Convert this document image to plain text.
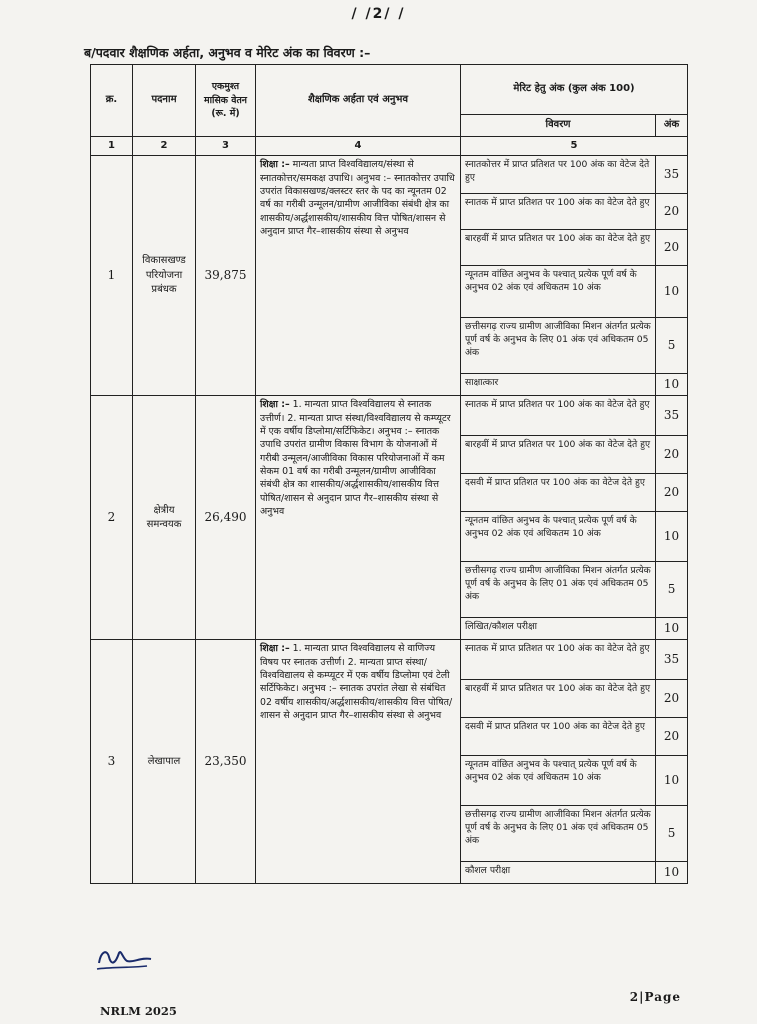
/ /2/ /
ब/पदवार शैक्षणिक अर्हता, अनुभव व मेरिट अंक का विवरण :–
क्र.	पदनाम	एकमुश्त मासिक वेतन (रू. में)	शैक्षणिक अर्हता एवं अनुभव	मेरिट हेतु अंक (कुल अंक 100)	
				विवरण	अंक
1	2	3	4	5	
1	विकासखण्ड परियोजना प्रबंधक	39,875	शिक्षा :– मान्यता प्राप्त विश्वविद्यालय/संस्था से स्नातकोत्तर/समकक्ष उपाधि। अनुभव :– स्नातकोत्तर उपाधि उपरांत विकासखण्ड/क्लस्टर स्तर के पद का न्यूनतम 02 वर्ष का गरीबी उन्मूलन/ग्रामीण आजीविका संबंधी क्षेत्र का शासकीय/अर्द्धशासकीय/शासकीय वित्त पोषित/शासन से अनुदान प्राप्त गैर–शासकीय संस्था से अनुभव	स्नातकोत्तर में प्राप्त प्रतिशत पर 100 अंक का वेटेज देते हुए	35
				स्नातक में प्राप्त प्रतिशत पर 100 अंक का वेटेज देते हुए	20
				बारहवीं में प्राप्त प्रतिशत पर 100 अंक का वेटेज देते हुए	20
				न्यूनतम वांछित अनुभव के पश्चात् प्रत्येक पूर्ण वर्ष के अनुभव 02 अंक एवं अधिकतम 10 अंक	10
				छत्तीसगढ़ राज्य ग्रामीण आजीविका मिशन अंतर्गत प्रत्येक पूर्ण वर्ष के अनुभव के लिए 01 अंक एवं अधिकतम 05 अंक	5
				साक्षात्कार	10
2	क्षेत्रीय समन्वयक	26,490	शिक्षा :– 1. मान्यता प्राप्त विश्वविद्यालय से स्नातक उत्तीर्ण। 2. मान्यता प्राप्त संस्था/विश्वविद्यालय से कम्प्यूटर में एक वर्षीय डिप्लोमा/सर्टिफिकेट। अनुभव :– स्नातक उपाधि उपरांत ग्रामीण विकास विभाग के योजनाओं में गरीबी उन्मूलन/आजीविका विकास परियोजनाओं में कम सेकम 01 वर्ष का गरीबी उन्मूलन/ग्रामीण आजीविका संबंधी क्षेत्र का शासकीय/अर्द्धशासकीय/शासकीय वित्त पोषित/शासन से अनुदान प्राप्त गैर–शासकीय संस्था से अनुभव	स्नातक में प्राप्त प्रतिशत पर 100 अंक का वेटेज देते हुए	35
				बारहवीं में प्राप्त प्रतिशत पर 100 अंक का वेटेज देते हुए	20
				दसवी में प्राप्त प्रतिशत पर 100 अंक का वेटेज देते हुए	20
				न्यूनतम वांछित अनुभव के पश्चात् प्रत्येक पूर्ण वर्ष के अनुभव 02 अंक एवं अधिकतम 10 अंक	10
				छत्तीसगढ़ राज्य ग्रामीण आजीविका मिशन अंतर्गत प्रत्येक पूर्ण वर्ष के अनुभव के लिए 01 अंक एवं अधिकतम 05 अंक	5
				लिखित/कौशल परीक्षा	10
3	लेखापाल	23,350	शिक्षा :– 1. मान्यता प्राप्त विश्वविद्यालय से वाणिज्य विषय पर स्नातक उत्तीर्ण। 2. मान्यता प्राप्त संस्था/विश्वविद्यालय से कम्प्यूटर में एक वर्षीय डिप्लोमा एवं टेली सर्टिफिकेट। अनुभव :– स्नातक उपरांत लेखा से संबंधित 02 वर्षीय शासकीय/अर्द्धशासकीय/शासकीय वित्त पोषित/शासन से अनुदान प्राप्त गैर–शासकीय संस्था से अनुभव	स्नातक में प्राप्त प्रतिशत पर 100 अंक का वेटेज देते हुए	35
				बारहवीं में प्राप्त प्रतिशत पर 100 अंक का वेटेज देते हुए	20
				दसवी में प्राप्त प्रतिशत पर 100 अंक का वेटेज देते हुए	20
				न्यूनतम वांछित अनुभव के पश्चात् प्रत्येक पूर्ण वर्ष के अनुभव 02 अंक एवं अधिकतम 10 अंक	10
				छत्तीसगढ़ राज्य ग्रामीण आजीविका मिशन अंतर्गत प्रत्येक पूर्ण वर्ष के अनुभव के लिए 01 अंक एवं अधिकतम 05 अंक	5
				कौशल परीक्षा	10
NRLM 2025
2|Page
